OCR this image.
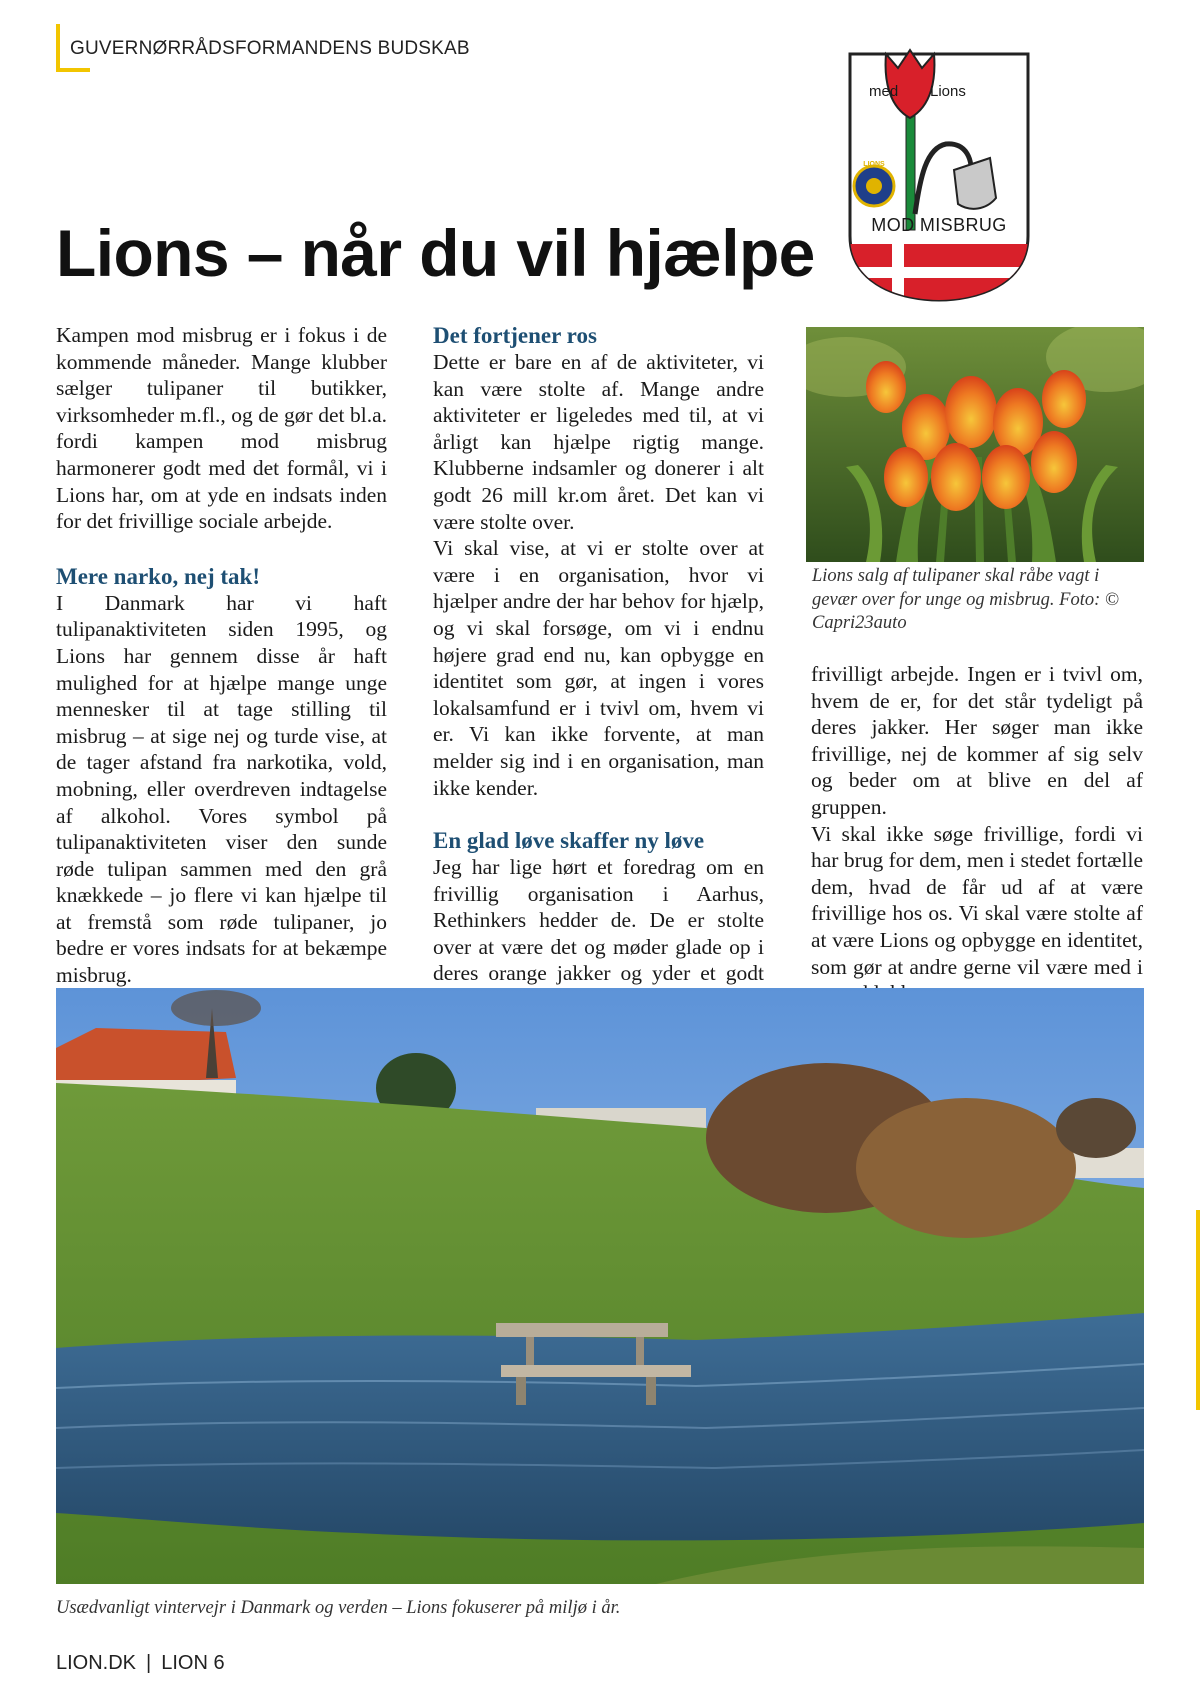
GUVERNØRRÅDSFORMANDENS BUDSKAB
med Lions
LIONS
MOD MISBRUG
Lions – når du vil hjælpe

Kampen mod misbrug er i fokus i de kommende måneder. Mange klubber sælger tulipaner til butikker, virksomheder m.fl., og de gør det bl.a. fordi kampen mod misbrug harmonerer godt med det formål, vi i Lions har, om at yde en indsats inden for det frivillige sociale arbejde.

Mere narko, nej tak!

I Danmark har vi haft tulipanaktiviteten siden 1995, og Lions har gennem disse år haft mulighed for at hjælpe mange unge mennesker til at tage stilling til misbrug – at sige nej og turde vise, at de tager afstand fra narkotika, vold, mobning, eller overdreven indtagelse af alkohol. Vores symbol på tulipanaktiviteten viser den sunde røde tulipan sammen med den grå knækkede – jo flere vi kan hjælpe til at fremstå som røde tulipaner, jo bedre er vores indsats for at bekæmpe misbrug.

Det fortjener ros

Dette er bare en af de aktiviteter, vi kan være stolte af. Mange andre aktiviteter er ligeledes med til, at vi årligt kan hjælpe rigtig mange. Klubberne indsamler og donerer i alt godt 26 mill kr.om året. Det kan vi være stolte over.

Vi skal vise, at vi er stolte over at være i en organisation, hvor vi hjælper andre der har behov for hjælp, og vi skal forsøge, om vi i endnu højere grad end nu, kan opbygge en identitet som gør, at ingen i vores lokalsamfund er i tvivl om, hvem vi er. Vi kan ikke forvente, at man melder sig ind i en organisation, man ikke kender.

En glad løve skaffer ny løve

Jeg har lige hørt et foredrag om en frivillig organisation i Aarhus, Rethinkers hedder de. De er stolte over at være det og møder glade op i deres orange jakker og yder et godt

Lions salg af tulipaner skal råbe vagt i gevær over for unge og misbrug. Foto: © Capri23auto

frivilligt arbejde. Ingen er i tvivl om, hvem de er, for det står tydeligt på deres jakker. Her søger man ikke frivillige, nej de kommer af sig selv og beder om at blive en del af gruppen.

Vi skal ikke søge frivillige, fordi vi har brug for dem, men i stedet fortælle dem, hvad de får ud af at være frivillige hos os. Vi skal være stolte af at være Lions og opbygge en identitet, som gør at andre gerne vil være med i

Usædvanligt vintervejr i Danmark og verden – Lions fokuserer på miljø i år.
LION.DK | LION 6
